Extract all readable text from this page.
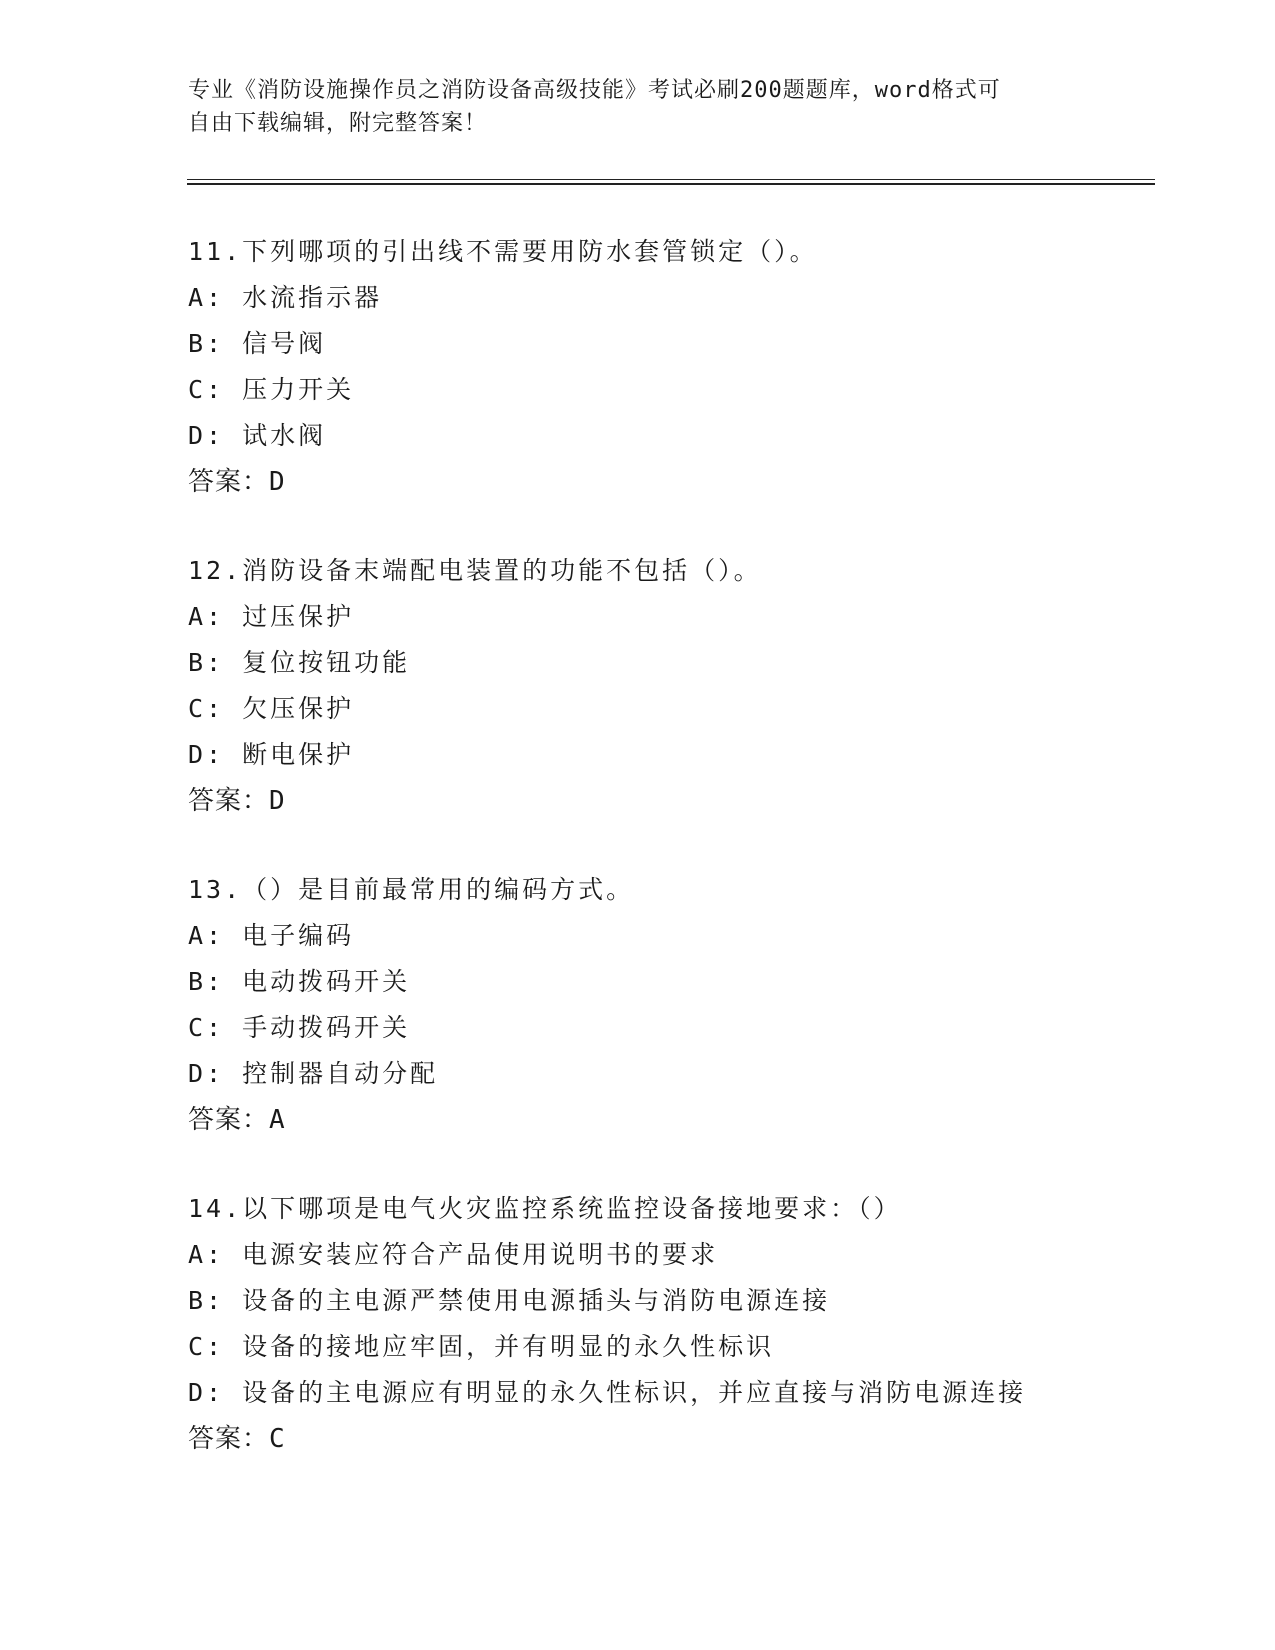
专业《消防设施操作员之消防设备高级技能》考试必刷200题题库，word格式可
自由下载编辑，附完整答案！
11.下列哪项的引出线不需要用防水套管锁定（）。
A: 水流指示器
B: 信号阀
C: 压力开关
D: 试水阀
答案：D
12.消防设备末端配电装置的功能不包括（）。
A: 过压保护
B: 复位按钮功能
C: 欠压保护
D: 断电保护
答案：D
13.（）是目前最常用的编码方式。
A: 电子编码
B: 电动拨码开关
C: 手动拨码开关
D: 控制器自动分配
答案：A
14.以下哪项是电气火灾监控系统监控设备接地要求：（）
A: 电源安装应符合产品使用说明书的要求
B: 设备的主电源严禁使用电源插头与消防电源连接
C: 设备的接地应牢固，并有明显的永久性标识
D: 设备的主电源应有明显的永久性标识，并应直接与消防电源连接
答案：C
